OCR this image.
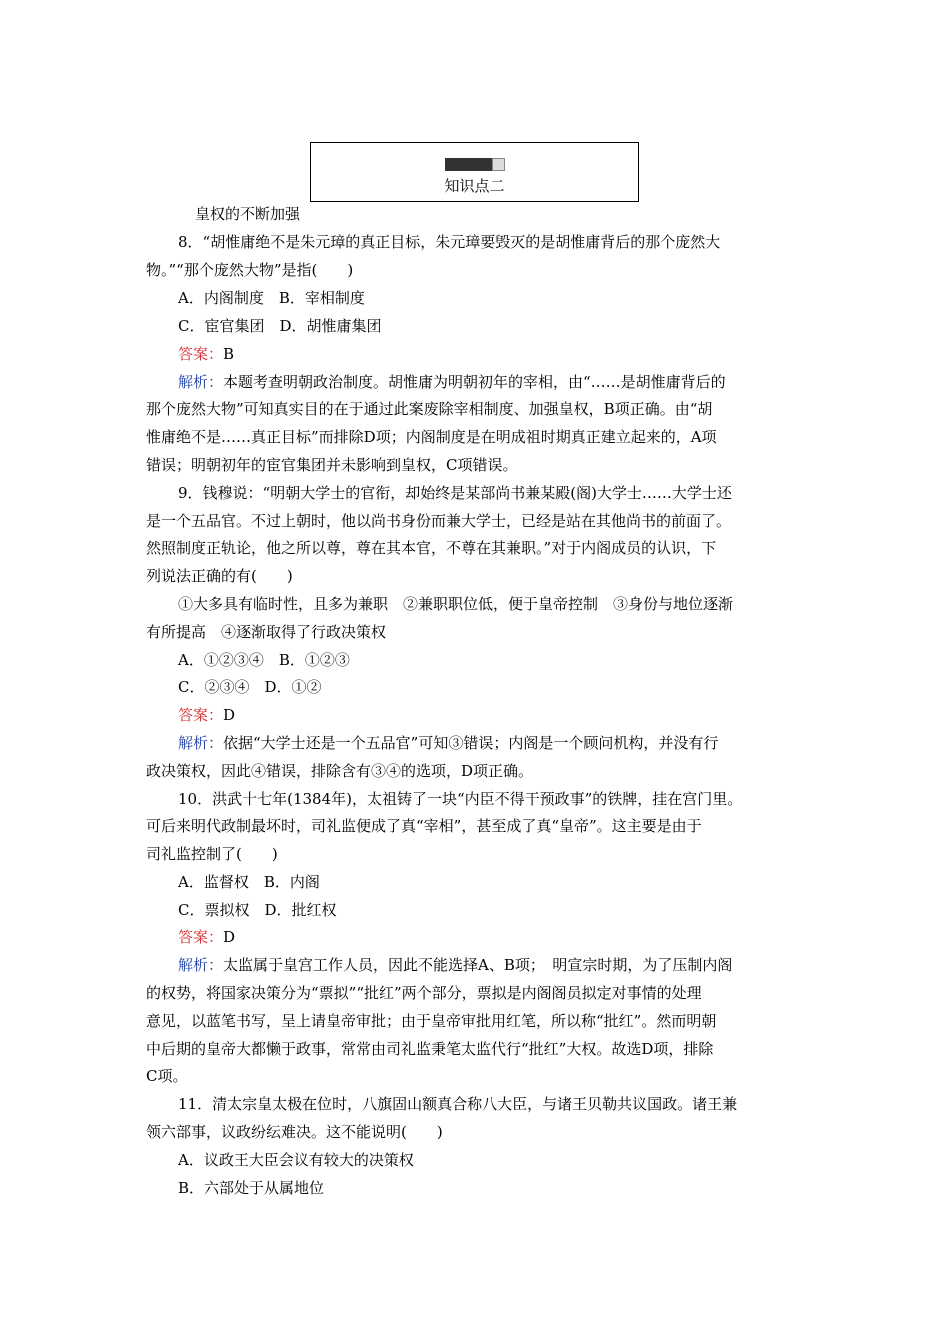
知识点二
皇权的不断加强
8．“胡惟庸绝不是朱元璋的真正目标，朱元璋要毁灭的是胡惟庸背后的那个庞然大
物。”“那个庞然大物”是指(　　)
A．内阁制度　B．宰相制度
C．宦官集团　D．胡惟庸集团
答案：B
解析：本题考查明朝政治制度。胡惟庸为明朝初年的宰相，由“……是胡惟庸背后的
那个庞然大物”可知真实目的在于通过此案废除宰相制度、加强皇权，B项正确。由“胡
惟庸绝不是……真正目标”而排除D项；内阁制度是在明成祖时期真正建立起来的，A项
错误；明朝初年的宦官集团并未影响到皇权，C项错误。
9．钱穆说：“明朝大学士的官衔，却始终是某部尚书兼某殿(阁)大学士……大学士还
是一个五品官。不过上朝时，他以尚书身份而兼大学士，已经是站在其他尚书的前面了。
然照制度正轨论，他之所以尊，尊在其本官，不尊在其兼职。”对于内阁成员的认识，下
列说法正确的有(　　)
①大多具有临时性，且多为兼职　②兼职职位低，便于皇帝控制　③身份与地位逐渐
有所提高　④逐渐取得了行政决策权
A．①②③④　B．①②③
C．②③④　D．①②
答案：D
解析：依据“大学士还是一个五品官”可知③错误；内阁是一个顾问机构，并没有行
政决策权，因此④错误，排除含有③④的选项，D项正确。
10．洪武十七年(1384年)，太祖铸了一块“内臣不得干预政事”的铁牌，挂在宫门里。
可后来明代政制最坏时，司礼监便成了真“宰相”，甚至成了真“皇帝”。这主要是由于
司礼监控制了(　　)
A．监督权　B．内阁
C．票拟权　D．批红权
答案：D
解析：太监属于皇宫工作人员，因此不能选择A、B项；　明宣宗时期，为了压制内阁
的权势，将国家决策分为“票拟”“批红”两个部分，票拟是内阁阁员拟定对事情的处理
意见，以蓝笔书写，呈上请皇帝审批；由于皇帝审批用红笔，所以称“批红”。然而明朝
中后期的皇帝大都懒于政事，常常由司礼监秉笔太监代行“批红”大权。故选D项，排除
C项。
11．清太宗皇太极在位时，八旗固山额真合称八大臣，与诸王贝勒共议国政。诸王兼
领六部事，议政纷纭难决。这不能说明(　　)
A．议政王大臣会议有较大的决策权
B．六部处于从属地位
